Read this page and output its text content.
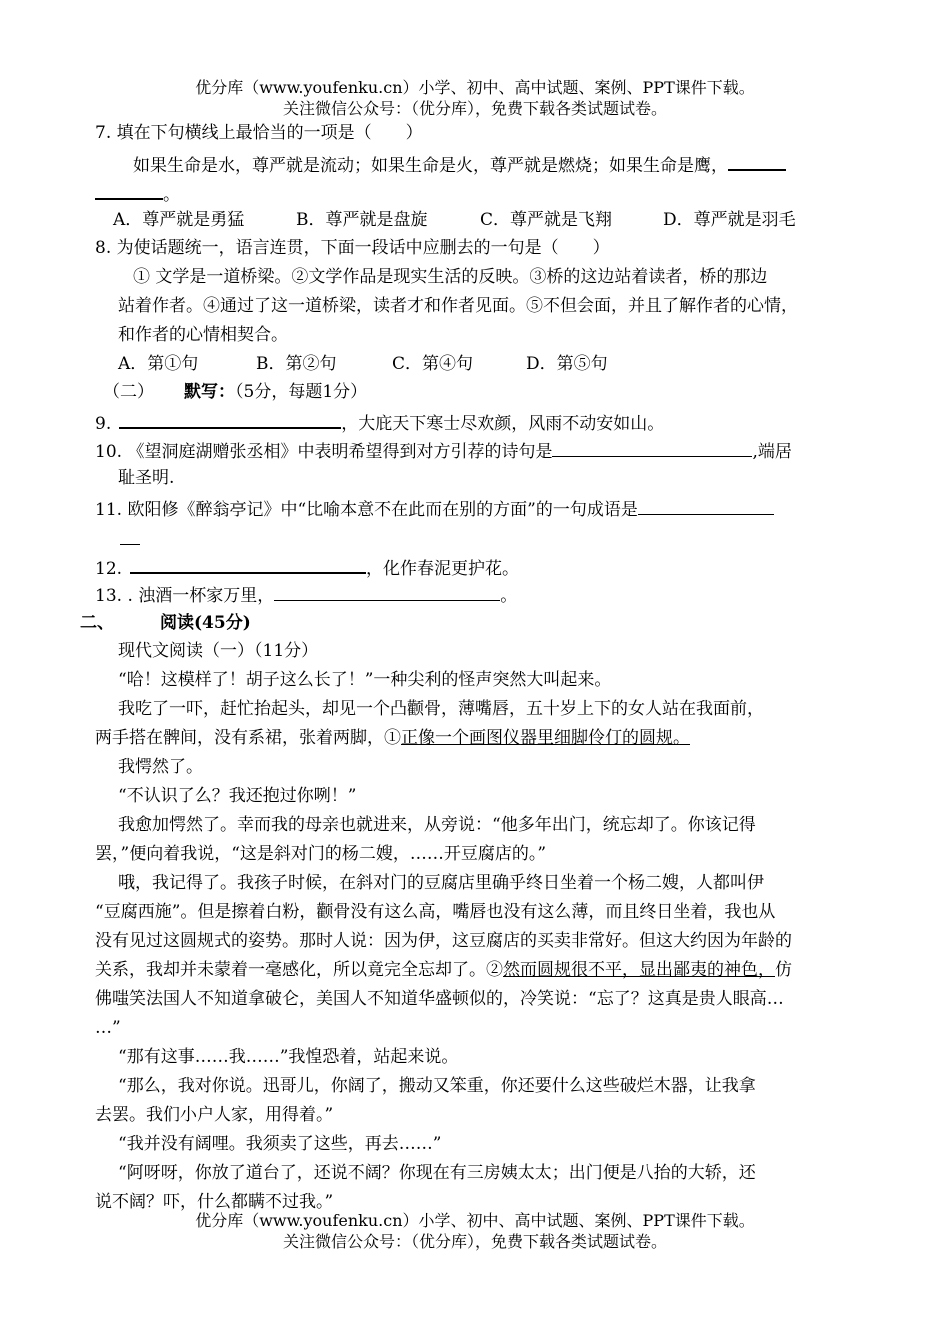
优分库（www.youfenku.cn）小学、初中、高中试题、案例、PPT课件下载。
关注微信公众号：（优分库），免费下载各类试题试卷。
7. 填在下句横线上最恰当的一项是（　　）
如果生命是水，尊严就是流动；如果生命是火，尊严就是燃烧；如果生命是鹰，
。
A．尊严就是勇猛	B．尊严就是盘旋	C．尊严就是飞翔	D．尊严就是羽毛
8. 为使话题统一，语言连贯，下面一段话中应删去的一句是（　　）
① 文学是一道桥梁。②文学作品是现实生活的反映。③桥的这边站着读者，桥的那边
站着作者。④通过了这一道桥梁，读者才和作者见面。⑤不但会面，并且了解作者的心情，
和作者的心情相契合。
A．第①句	B．第②句	C．第④句	D．第⑤句
（二） 默写：（5分，每题1分）
9.	，大庇天下寒士尽欢颜，风雨不动安如山。
10. 《望洞庭湖赠张丞相》中表明希望得到对方引荐的诗句是	,端居
耻圣明.
11. 欧阳修《醉翁亭记》中“比喻本意不在此而在别的方面”的一句成语是
12.	，化作春泥更护花。
13. . 浊酒一杯家万里，	。
二、	阅读(45分)
现代文阅读（一）（11分）
“哈！这模样了！胡子这么长了！”一种尖利的怪声突然大叫起来。
我吃了一吓，赶忙抬起头，却见一个凸颧骨，薄嘴唇，五十岁上下的女人站在我面前，
两手搭在髀间，没有系裙，张着两脚，①正像一个画图仪器里细脚伶仃的圆规。
我愕然了。
“不认识了么？我还抱过你咧！”
我愈加愕然了。幸而我的母亲也就进来，从旁说：“他多年出门，统忘却了。你该记得
罢，”便向着我说，“这是斜对门的杨二嫂，……开豆腐店的。”
哦，我记得了。我孩子时候，在斜对门的豆腐店里确乎终日坐着一个杨二嫂，人都叫伊
“豆腐西施”。但是擦着白粉，颧骨没有这么高，嘴唇也没有这么薄，而且终日坐着，我也从
没有见过这圆规式的姿势。那时人说：因为伊，这豆腐店的买卖非常好。但这大约因为年龄的
关系，我却并未蒙着一毫感化，所以竟完全忘却了。②然而圆规很不平，显出鄙夷的神色，仿
佛嗤笑法国人不知道拿破仑，美国人不知道华盛顿似的，冷笑说：“忘了？这真是贵人眼高…
…”
“那有这事……我……”我惶恐着，站起来说。
“那么，我对你说。迅哥儿，你阔了，搬动又笨重，你还要什么这些破烂木器，让我拿
去罢。我们小户人家，用得着。”
“我并没有阔哩。我须卖了这些，再去……”
“阿呀呀，你放了道台了，还说不阔？你现在有三房姨太太；出门便是八抬的大轿，还
说不阔？吓，什么都瞒不过我。”
优分库（www.youfenku.cn）小学、初中、高中试题、案例、PPT课件下载。
关注微信公众号：（优分库），免费下载各类试题试卷。
